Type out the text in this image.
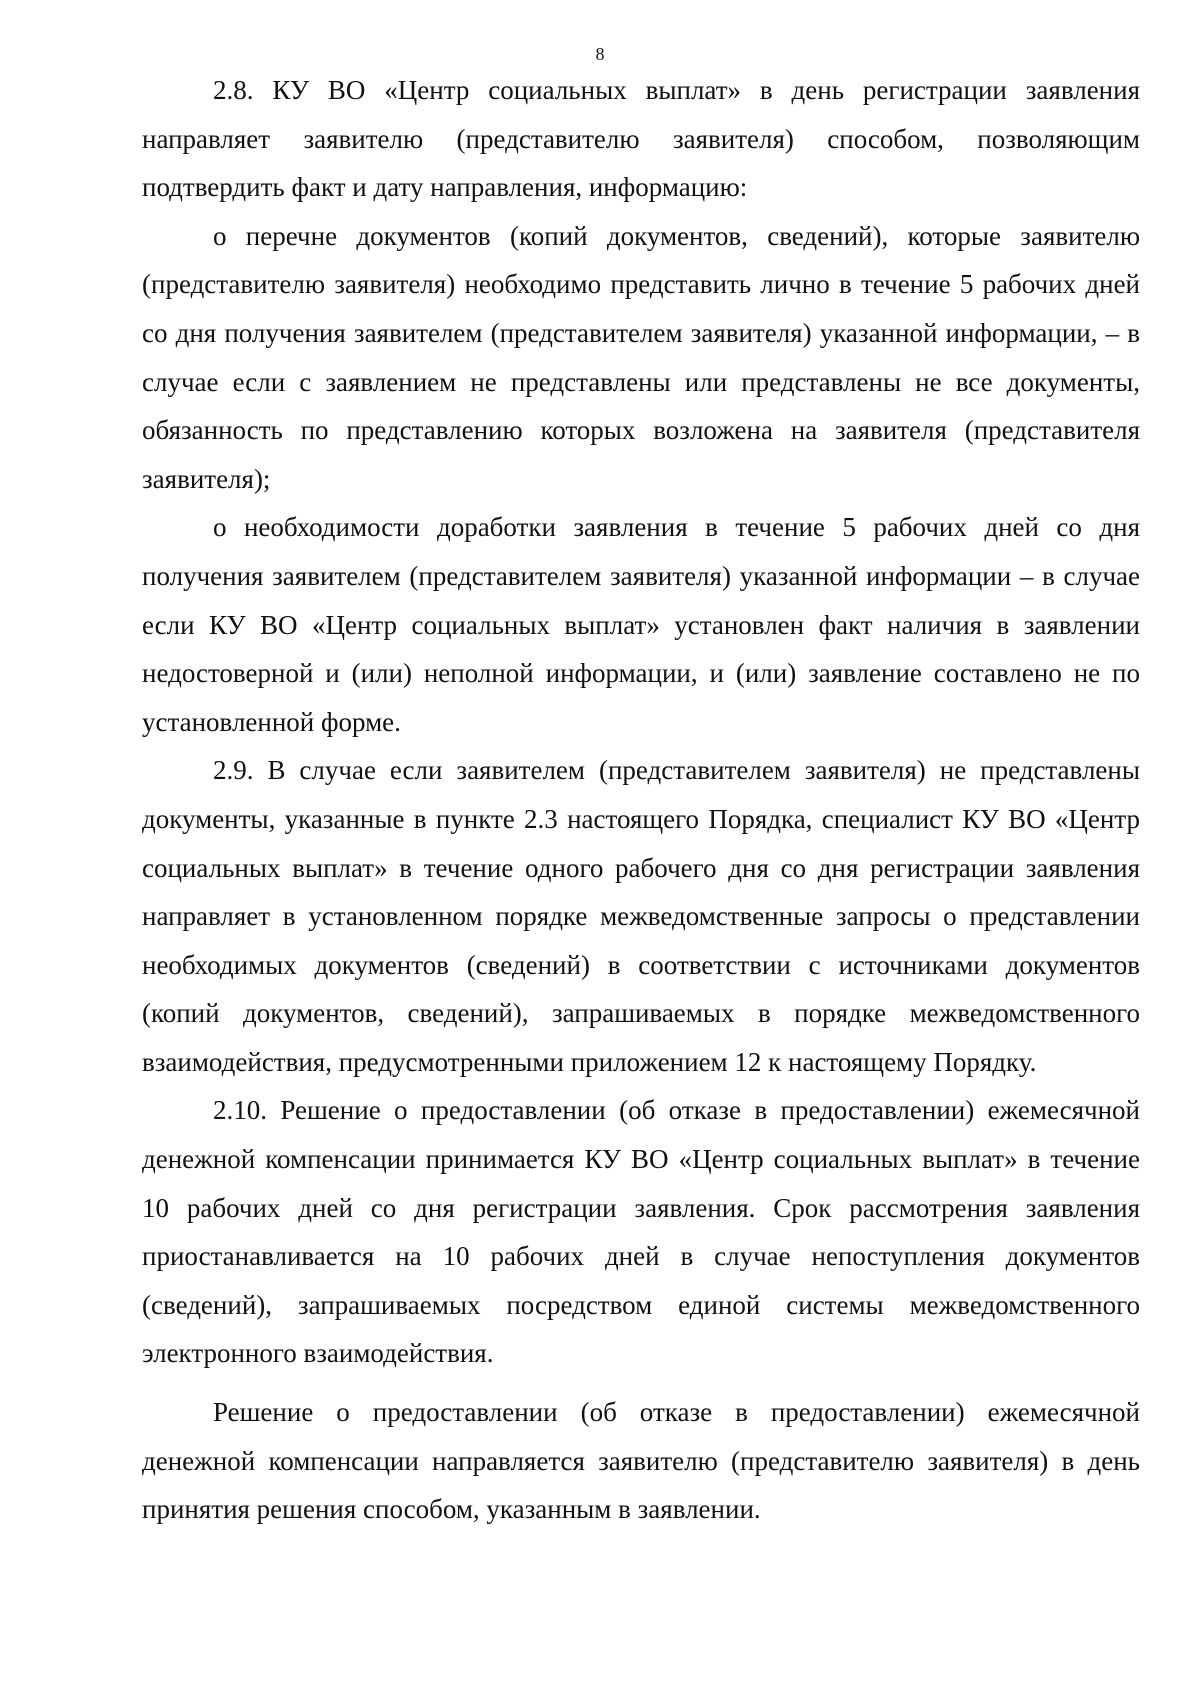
8

2.8. КУ ВО «Центр социальных выплат» в день регистрации заявления направляет заявителю (представителю заявителя) способом, позволяющим подтвердить факт и дату направления, информацию:

о перечне документов (копий документов, сведений), которые заявителю (представителю заявителя) необходимо представить лично в течение 5 рабочих дней со дня получения заявителем (представителем заявителя) указанной информации, – в случае если с заявлением не представлены или представлены не все документы, обязанность по представлению которых возложена на заявителя (представителя заявителя);

о необходимости доработки заявления в течение 5 рабочих дней со дня получения заявителем (представителем заявителя) указанной информации – в случае если КУ ВО «Центр социальных выплат» установлен факт наличия в заявлении недостоверной и (или) неполной информации, и (или) заявление составлено не по установленной форме.

2.9. В случае если заявителем (представителем заявителя) не представлены документы, указанные в пункте 2.3 настоящего Порядка, специалист КУ ВО «Центр социальных выплат» в течение одного рабочего дня со дня регистрации заявления направляет в установленном порядке межведомственные запросы о представлении необходимых документов (сведений) в соответствии с источниками документов (копий документов, сведений), запрашиваемых в порядке межведомственного взаимодействия, предусмотренными приложением 12 к настоящему Порядку.

2.10. Решение о предоставлении (об отказе в предоставлении) ежемесячной денежной компенсации принимается КУ ВО «Центр социальных выплат» в течение 10 рабочих дней со дня регистрации заявления. Срок рассмотрения заявления приостанавливается на 10 рабочих дней в случае непоступления документов (сведений), запрашиваемых посредством единой системы межведомственного электронного взаимодействия.

Решение о предоставлении (об отказе в предоставлении) ежемесячной денежной компенсации направляется заявителю (представителю заявителя) в день принятия решения способом, указанным в заявлении.
